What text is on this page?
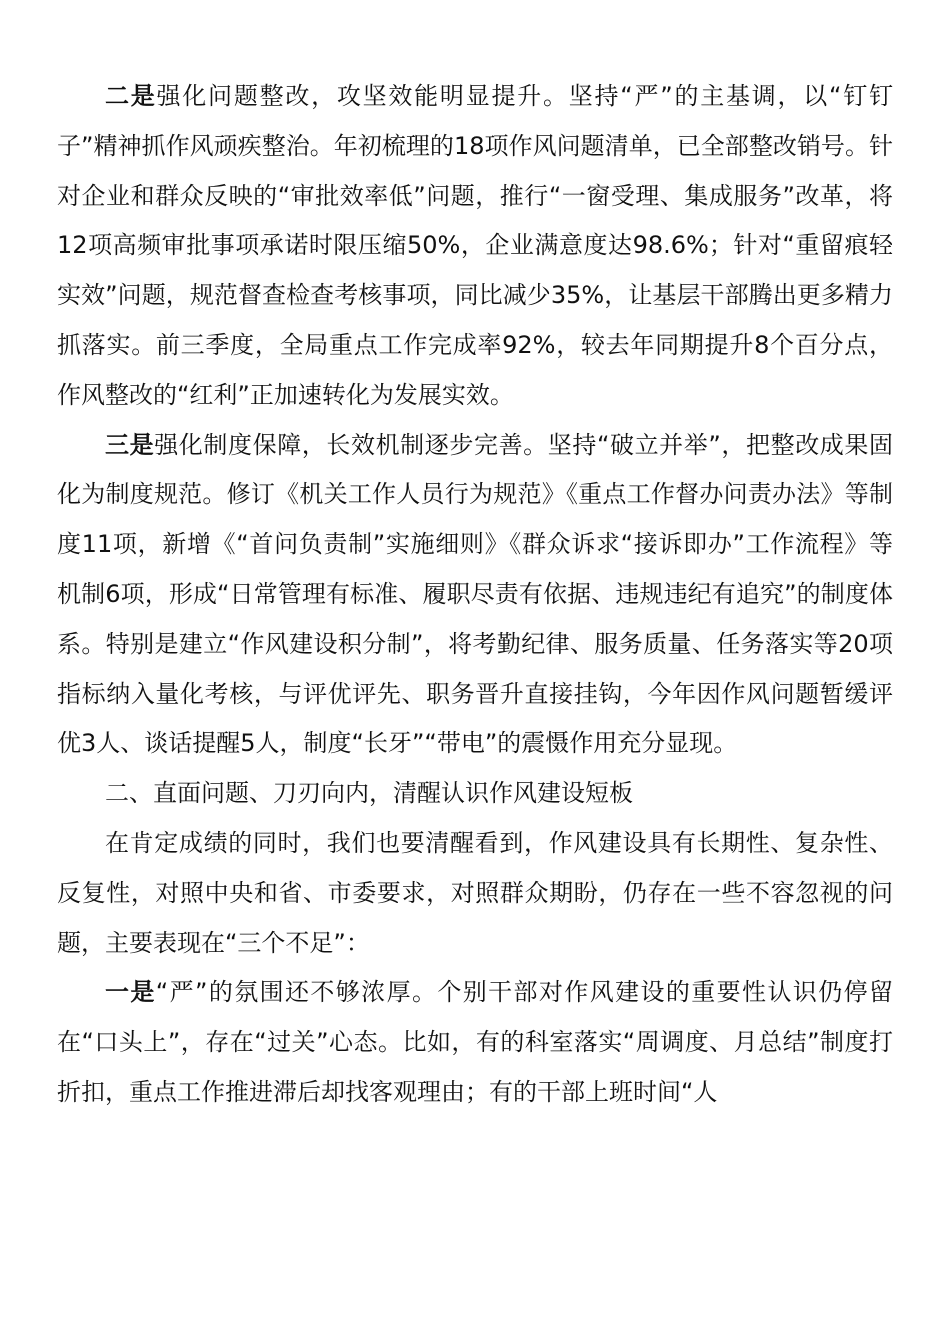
二是强化问题整改，攻坚效能明显提升。坚持“严”的主基调，以“钉钉子”精神抓作风顽疾整治。年初梳理的18项作风问题清单，已全部整改销号。针对企业和群众反映的“审批效率低”问题，推行“一窗受理、集成服务”改革，将12项高频审批事项承诺时限压缩50%，企业满意度达98.6%；针对“重留痕轻实效”问题，规范督查检查考核事项，同比减少35%，让基层干部腾出更多精力抓落实。前三季度，全局重点工作完成率92%，较去年同期提升8个百分点，作风整改的“红利”正加速转化为发展实效。

三是强化制度保障，长效机制逐步完善。坚持“破立并举”，把整改成果固化为制度规范。修订《机关工作人员行为规范》《重点工作督办问责办法》等制度11项，新增《“首问负责制”实施细则》《群众诉求“接诉即办”工作流程》等机制6项，形成“日常管理有标准、履职尽责有依据、违规违纪有追究”的制度体系。特别是建立“作风建设积分制”，将考勤纪律、服务质量、任务落实等20项指标纳入量化考核，与评优评先、职务晋升直接挂钩，今年因作风问题暂缓评优3人、谈话提醒5人，制度“长牙”“带电”的震慑作用充分显现。

二、直面问题、刀刃向内，清醒认识作风建设短板

在肯定成绩的同时，我们也要清醒看到，作风建设具有长期性、复杂性、反复性，对照中央和省、市委要求，对照群众期盼，仍存在一些不容忽视的问题，主要表现在“三个不足”：

一是“严”的氛围还不够浓厚。个别干部对作风建设的重要性认识仍停留在“口头上”，存在“过关”心态。比如，有的科室落实“周调度、月总结”制度打折扣，重点工作推进滞后却找客观理由；有的干部上班时间“人
